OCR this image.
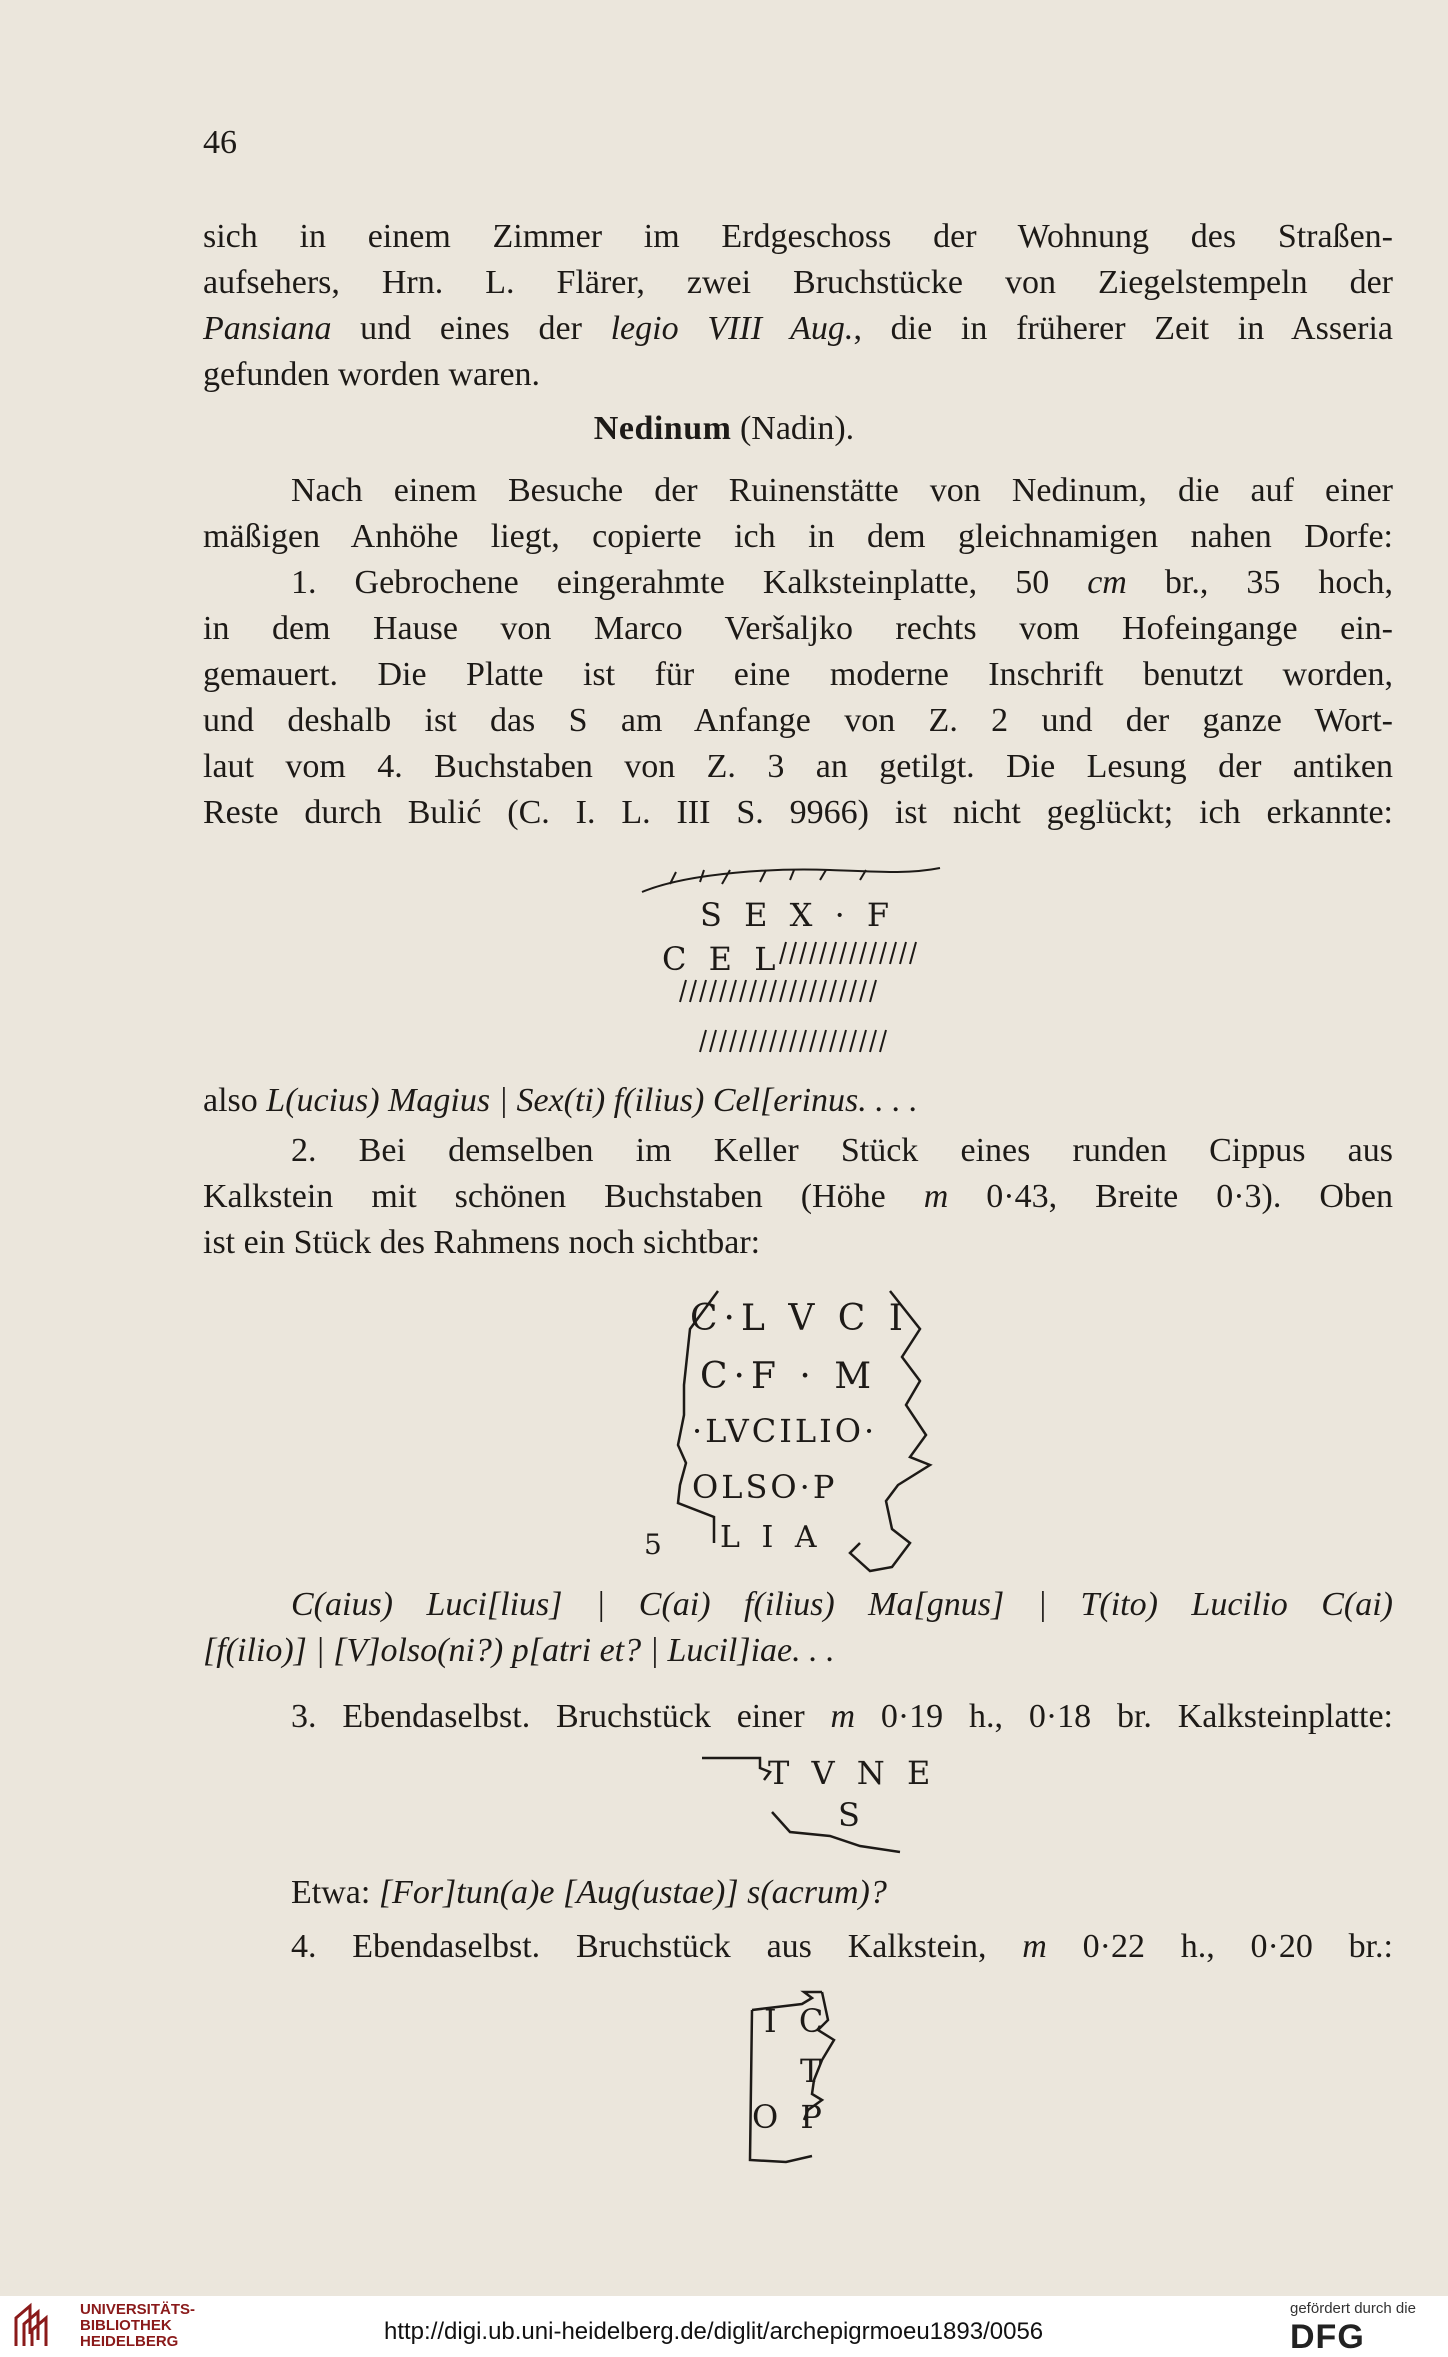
46
sich in einem Zimmer im Erdgeschoss der Wohnung des Straßen-
aufsehers, Hrn. L. Flärer, zwei Bruchstücke von Ziegelstempeln der
Pansiana und eines der legio VIII Aug., die in früherer Zeit in Asseria
gefunden worden waren.
Nedinum (Nadin).
Nach einem Besuche der Ruinenstätte von Nedinum, die auf einer
mäßigen Anhöhe liegt, copierte ich in dem gleichnamigen nahen Dorfe:
1. Gebrochene eingerahmte Kalksteinplatte, 50 cm br., 35 hoch,
in dem Hause von Marco Veršaljko rechts vom Hofeingange ein-
gemauert. Die Platte ist für eine moderne Inschrift benutzt worden,
und deshalb ist das S am Anfange von Z. 2 und der ganze Wort-
laut vom 4. Buchstaben von Z. 3 an getilgt. Die Lesung der antiken
Reste durch Bulić (C. I. L. III S. 9966) ist nicht geglückt; ich erkannte:
S E X · F
C E L
also L(ucius) Magius | Sex(ti) f(ilius) Cel[erinus. . . .
2. Bei demselben im Keller Stück eines runden Cippus aus
Kalkstein mit schönen Buchstaben (Höhe m 0·43, Breite 0·3). Oben
ist ein Stück des Rahmens noch sichtbar:
C·L V C I
C·F · M
·LVCILIO·
OLSO·P
L I A
5
C(aius) Luci[lius] | C(ai) f(ilius) Ma[gnus] | T(ito) Lucilio C(ai)
[f(ilio)] | [V]olso(ni?) p[atri et? | Lucil]iae. . .
3. Ebendaselbst. Bruchstück einer m 0·19 h., 0·18 br. Kalksteinplatte:
T V N E
S
Etwa: [For]tun(a)e [Aug(ustae)] s(acrum)?
4. Ebendaselbst. Bruchstück aus Kalkstein, m 0·22 h., 0·20 br.:
I C
T
O P
UNIVERSITÄTS-
BIBLIOTHEK
HEIDELBERG	http://digi.ub.uni-heidelberg.de/diglit/archepigrmoeu1893/0056
gefördert durch die
DFG
